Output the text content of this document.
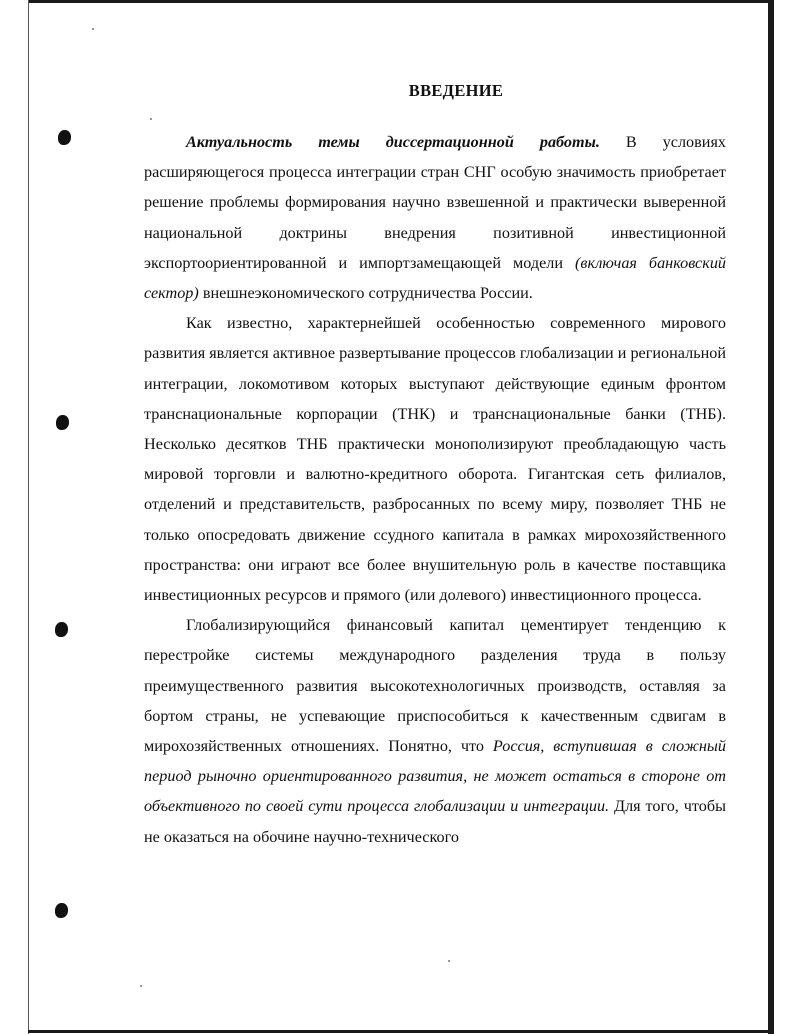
ВВЕДЕНИЕ

Актуальность темы диссертационной работы. В условиях расширяющегося процесса интеграции стран СНГ особую значимость приобретает решение проблемы формирования научно взвешенной и практически выверенной национальной доктрины внедрения позитивной инвестиционной экспортоориентированной и импортзамещающей модели (включая банковский сектор) внешнеэкономического сотрудничества России.

Как известно, характернейшей особенностью современного мирового развития является активное развертывание процессов глобализации и региональной интеграции, локомотивом которых выступают действующие единым фронтом транснациональные корпорации (ТНК) и транснациональные банки (ТНБ). Несколько десятков ТНБ практически монополизируют преобладающую часть мировой торговли и валютно-кредитного оборота. Гигантская сеть филиалов, отделений и представительств, разбросанных по всему миру, позволяет ТНБ не только опосредовать движение ссудного капитала в рамках мирохозяйственного пространства: они играют все более внушительную роль в качестве поставщика инвестиционных ресурсов и прямого (или долевого) инвестиционного процесса.

Глобализирующийся финансовый капитал цементирует тенденцию к перестройке системы международного разделения труда в пользу преимущественного развития высокотехнологичных производств, оставляя за бортом страны, не успевающие приспособиться к качественным сдвигам в мирохозяйственных отношениях. Понятно, что Россия, вступившая в сложный период рыночно ориентированного развития, не может остаться в стороне от объективного по своей сути процесса глобализации и интеграции. Для того, чтобы не оказаться на обочине научно-технического
